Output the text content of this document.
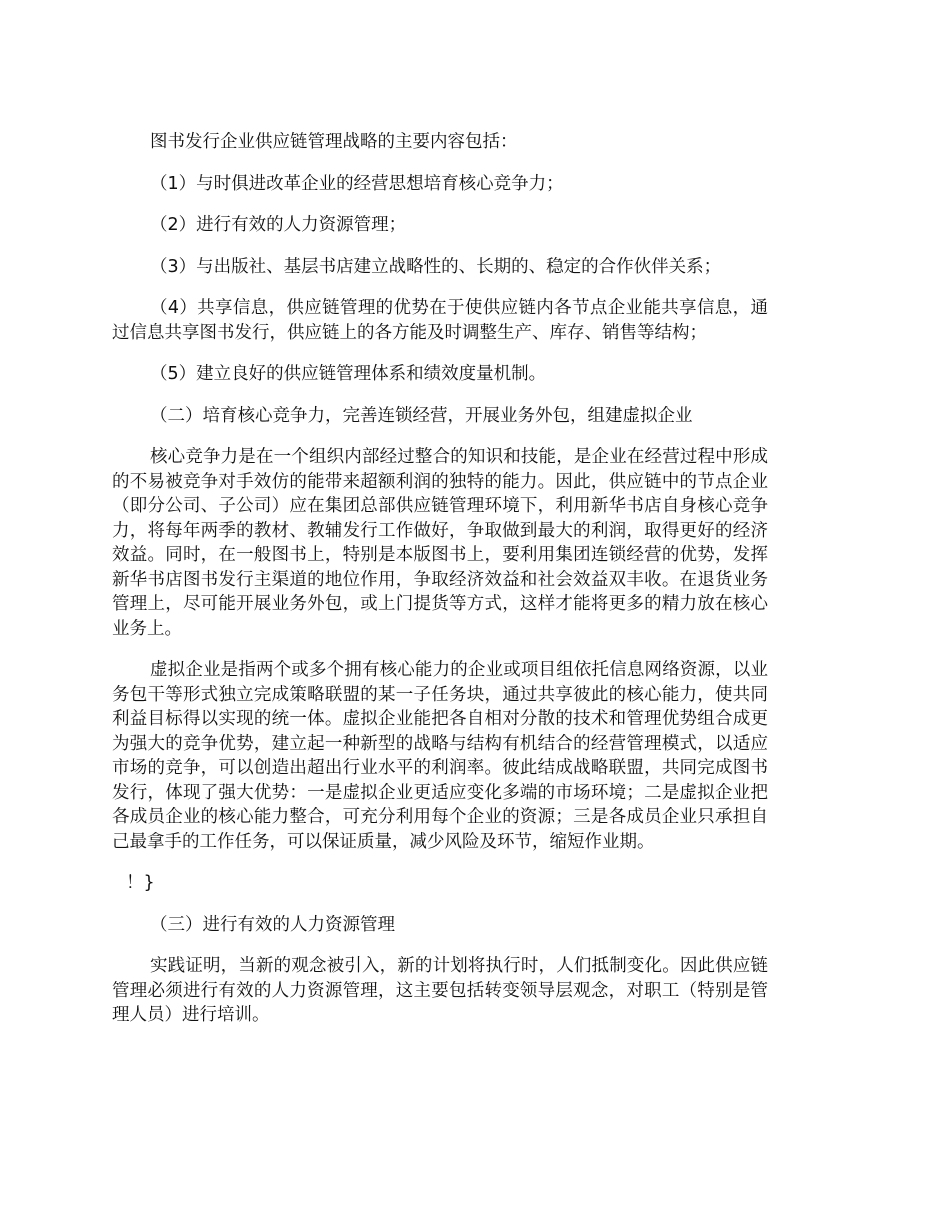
图书发行企业供应链管理战略的主要内容包括：

（1）与时俱进改革企业的经营思想培育核心竞争力；

（2）进行有效的人力资源管理；

（3）与出版社、基层书店建立战略性的、长期的、稳定的合作伙伴关系；

（4）共享信息，供应链管理的优势在于使供应链内各节点企业能共享信息，通过信息共享图书发行，供应链上的各方能及时调整生产、库存、销售等结构；

（5）建立良好的供应链管理体系和绩效度量机制。

（二）培育核心竞争力，完善连锁经营，开展业务外包，组建虚拟企业

核心竞争力是在一个组织内部经过整合的知识和技能，是企业在经营过程中形成的不易被竞争对手效仿的能带来超额利润的独特的能力。因此，供应链中的节点企业（即分公司、子公司）应在集团总部供应链管理环境下，利用新华书店自身核心竞争力，将每年两季的教材、教辅发行工作做好，争取做到最大的利润，取得更好的经济效益。同时，在一般图书上，特别是本版图书上，要利用集团连锁经营的优势，发挥新华书店图书发行主渠道的地位作用，争取经济效益和社会效益双丰收。在退货业务管理上，尽可能开展业务外包，或上门提货等方式，这样才能将更多的精力放在核心业务上。

虚拟企业是指两个或多个拥有核心能力的企业或项目组依托信息网络资源，以业务包干等形式独立完成策略联盟的某一子任务块，通过共享彼此的核心能力，使共同利益目标得以实现的统一体。虚拟企业能把各自相对分散的技术和管理优势组合成更为强大的竞争优势，建立起一种新型的战略与结构有机结合的经营管理模式，以适应市场的竞争，可以创造出超出行业水平的利润率。彼此结成战略联盟，共同完成图书发行，体现了强大优势：一是虚拟企业更适应变化多端的市场环境；二是虚拟企业把各成员企业的核心能力整合，可充分利用每个企业的资源；三是各成员企业只承担自己最拿手的工作任务，可以保证质量，减少风险及环节，缩短作业期。

！}

（三）进行有效的人力资源管理

实践证明，当新的观念被引入，新的计划将执行时，人们抵制变化。因此供应链管理必须进行有效的人力资源管理，这主要包括转变领导层观念，对职工（特别是管理人员）进行培训。
